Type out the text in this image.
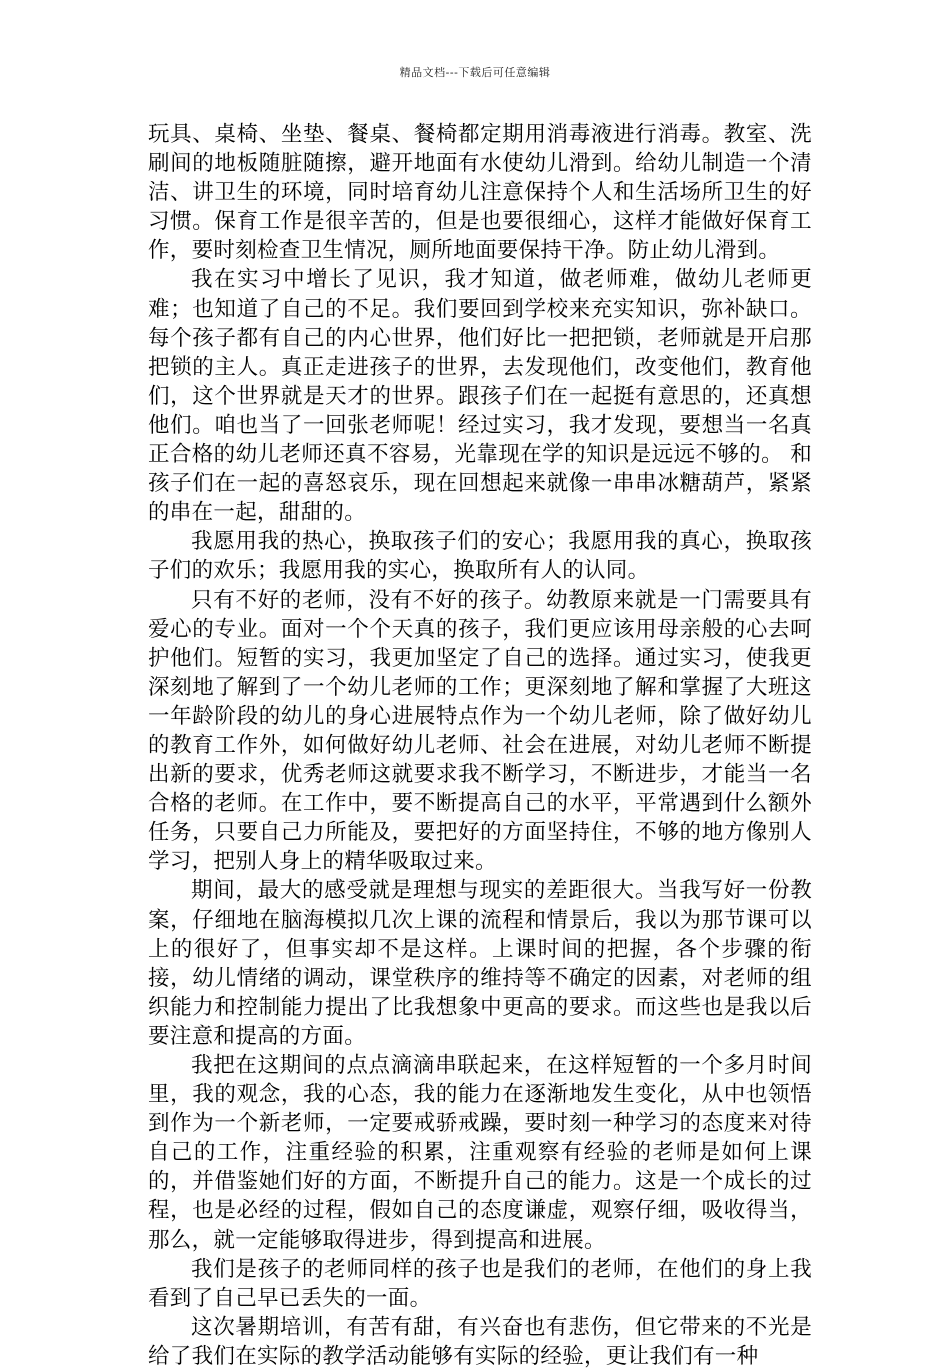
精品文档---下载后可任意编辑

玩具、桌椅、坐垫、餐桌、餐椅都定期用消毒液进行消毒。教室、洗刷间的地板随脏随擦，避开地面有水使幼儿滑到。给幼儿制造一个清洁、讲卫生的环境，同时培育幼儿注意保持个人和生活场所卫生的好习惯。保育工作是很辛苦的，但是也要很细心，这样才能做好保育工作，要时刻检查卫生情况，厕所地面要保持干净。防止幼儿滑到。

我在实习中增长了见识，我才知道，做老师难，做幼儿老师更难；也知道了自己的不足。我们要回到学校来充实知识，弥补缺口。每个孩子都有自己的内心世界，他们好比一把把锁，老师就是开启那把锁的主人。真正走进孩子的世界，去发现他们，改变他们，教育他们，这个世界就是天才的世界。跟孩子们在一起挺有意思的，还真想他们。咱也当了一回张老师呢！经过实习，我才发现，要想当一名真正合格的幼儿老师还真不容易，光靠现在学的知识是远远不够的。 和孩子们在一起的喜怒哀乐，现在回想起来就像一串串冰糖葫芦，紧紧的串在一起，甜甜的。

我愿用我的热心，换取孩子们的安心；我愿用我的真心，换取孩子们的欢乐；我愿用我的实心，换取所有人的认同。

只有不好的老师，没有不好的孩子。幼教原来就是一门需要具有爱心的专业。面对一个个天真的孩子，我们更应该用母亲般的心去呵护他们。短暂的实习，我更加坚定了自己的选择。通过实习，使我更深刻地了解到了一个幼儿老师的工作；更深刻地了解和掌握了大班这一年龄阶段的幼儿的身心进展特点作为一个幼儿老师，除了做好幼儿的教育工作外，如何做好幼儿老师、社会在进展，对幼儿老师不断提出新的要求，优秀老师这就要求我不断学习，不断进步，才能当一名合格的老师。在工作中，要不断提高自己的水平，平常遇到什么额外任务，只要自己力所能及，要把好的方面坚持住，不够的地方像别人学习，把别人身上的精华吸取过来。

期间，最大的感受就是理想与现实的差距很大。当我写好一份教案，仔细地在脑海模拟几次上课的流程和情景后，我以为那节课可以上的很好了，但事实却不是这样。上课时间的把握，各个步骤的衔接，幼儿情绪的调动，课堂秩序的维持等不确定的因素，对老师的组织能力和控制能力提出了比我想象中更高的要求。而这些也是我以后要注意和提高的方面。

我把在这期间的点点滴滴串联起来，在这样短暂的一个多月时间里，我的观念，我的心态，我的能力在逐渐地发生变化，从中也领悟到作为一个新老师，一定要戒骄戒躁，要时刻一种学习的态度来对待自己的工作，注重经验的积累，注重观察有经验的老师是如何上课的，并借鉴她们好的方面，不断提升自己的能力。这是一个成长的过程，也是必经的过程，假如自己的态度谦虚，观察仔细，吸收得当，那么，就一定能够取得进步，得到提高和进展。

我们是孩子的老师同样的孩子也是我们的老师，在他们的身上我看到了自己早已丢失的一面。

这次暑期培训，有苦有甜，有兴奋也有悲伤，但它带来的不光是给了我们在实际的教学活动能够有实际的经验，更让我们有一种
